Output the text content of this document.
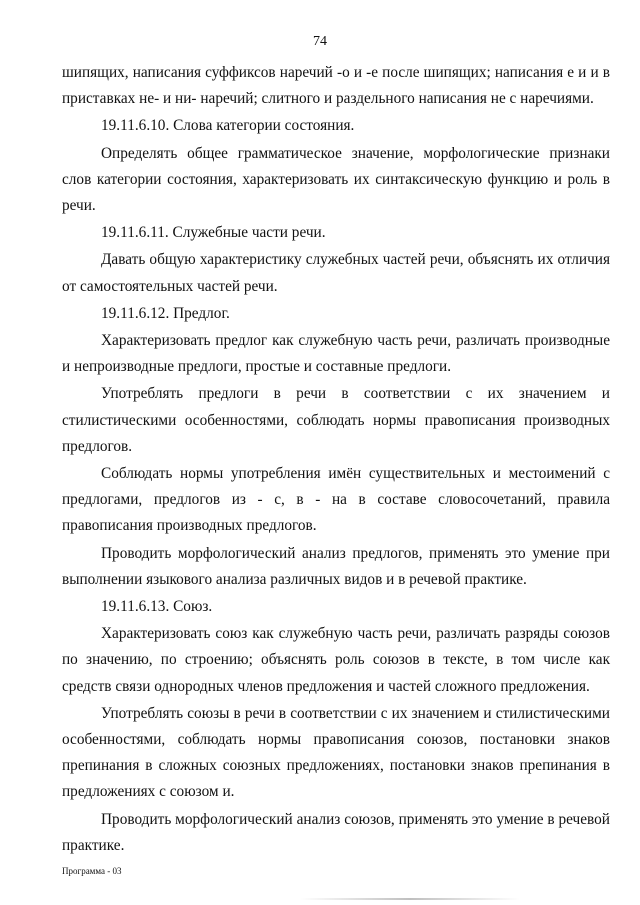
74

шипящих, написания суффиксов наречий -о и -е после шипящих; написания е и и в приставках не- и ни- наречий; слитного и раздельного написания не с наречиями.

19.11.6.10. Слова категории состояния.

Определять общее грамматическое значение, морфологические признаки слов категории состояния, характеризовать их синтаксическую функцию и роль в речи.

19.11.6.11. Служебные части речи.

Давать общую характеристику служебных частей речи, объяснять их отличия от самостоятельных частей речи.

19.11.6.12. Предлог.

Характеризовать предлог как служебную часть речи, различать производные и непроизводные предлоги, простые и составные предлоги.

Употреблять предлоги в речи в соответствии с их значением и стилистическими особенностями, соблюдать нормы правописания производных предлогов.

Соблюдать нормы употребления имён существительных и местоимений с предлогами, предлогов из - с, в - на в составе словосочетаний, правила правописания производных предлогов.

Проводить морфологический анализ предлогов, применять это умение при выполнении языкового анализа различных видов и в речевой практике.

19.11.6.13. Союз.

Характеризовать союз как служебную часть речи, различать разряды союзов по значению, по строению; объяснять роль союзов в тексте, в том числе как средств связи однородных членов предложения и частей сложного предложения.

Употреблять союзы в речи в соответствии с их значением и стилистическими особенностями, соблюдать нормы правописания союзов, постановки знаков препинания в сложных союзных предложениях, постановки знаков препинания в предложениях с союзом и.

Проводить морфологический анализ союзов, применять это умение в речевой практике.

Программа - 03
